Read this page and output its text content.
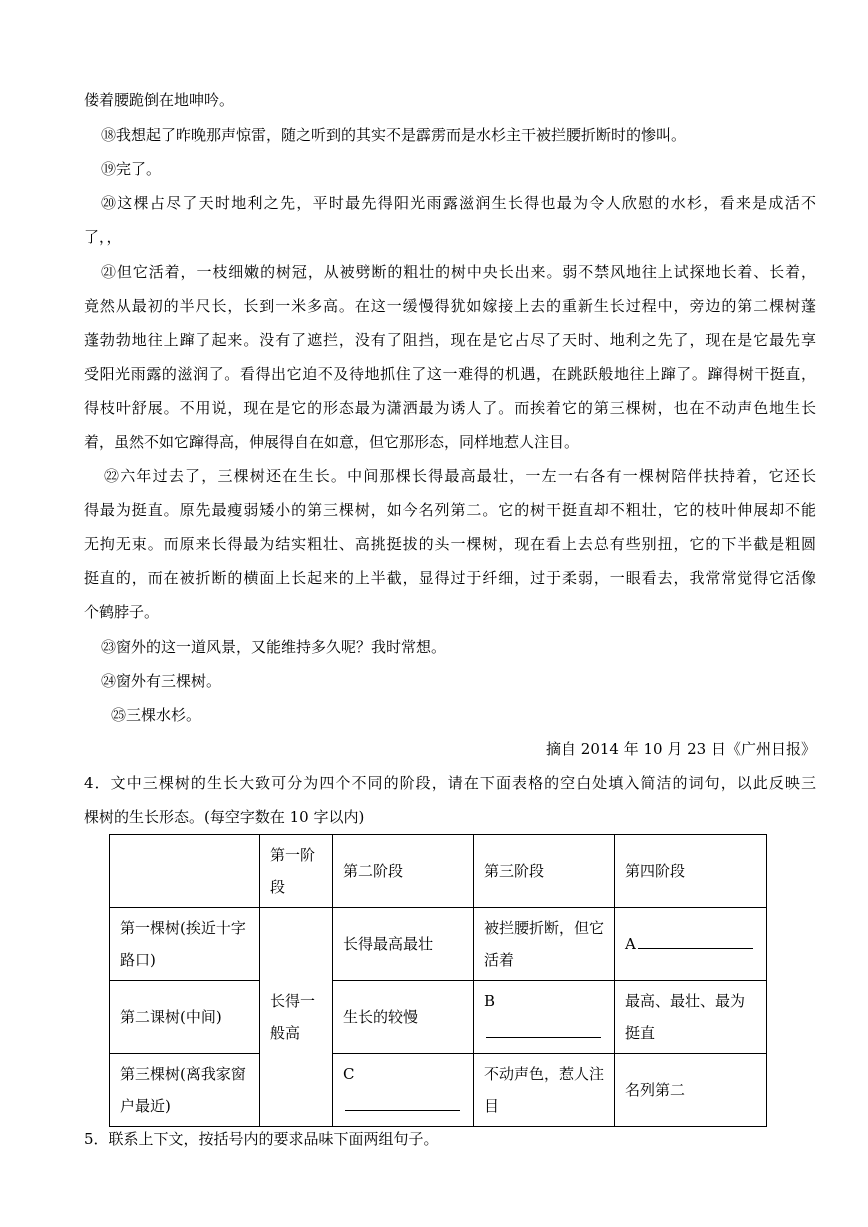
偻着腰跪倒在地呻吟。
⑱我想起了昨晚那声惊雷，随之听到的其实不是霹雳而是水杉主干被拦腰折断时的惨叫。
⑲完了。
⑳这棵占尽了天时地利之先，平时最先得阳光雨露滋润生长得也最为令人欣慰的水杉，看来是成活不
了，，
㉑但它活着，一枝细嫩的树冠，从被劈断的粗壮的树中央长出来。弱不禁风地往上试探地长着、长着，
竟然从最初的半尺长，长到一米多高。在这一缓慢得犹如嫁接上去的重新生长过程中，旁边的第二棵树蓬
蓬勃勃地往上蹿了起来。没有了遮拦，没有了阻挡，现在是它占尽了天时、地利之先了，现在是它最先享
受阳光雨露的滋润了。看得出它迫不及待地抓住了这一难得的机遇，在跳跃般地往上蹿了。蹿得树干挺直，
得枝叶舒展。不用说，现在是它的形态最为潇洒最为诱人了。而挨着它的第三棵树，也在不动声色地生长
着，虽然不如它蹿得高，伸展得自在如意，但它那形态，同样地惹人注目。
㉒六年过去了，三棵树还在生长。中间那棵长得最高最壮，一左一右各有一棵树陪伴扶持着，它还长
得最为挺直。原先最瘦弱矮小的第三棵树，如今名列第二。它的树干挺直却不粗壮，它的枝叶伸展却不能
无拘无束。而原来长得最为结实粗壮、高挑挺拔的头一棵树，现在看上去总有些别扭，它的下半截是粗圆
挺直的，而在被折断的横面上长起来的上半截，显得过于纤细，过于柔弱，一眼看去，我常常觉得它活像
个鹤脖子。
㉓窗外的这一道风景，又能维持多久呢？我时常想。
㉔窗外有三棵树。
㉕三棵水杉。
摘自 2014 年 10 月 23 日《广州日报》
4．文中三棵树的生长大致可分为四个不同的阶段，请在下面表格的空白处填入简洁的词句，以此反映三
棵树的生长形态。(每空字数在 10 字以内)
	第一阶段	第二阶段	第三阶段	第四阶段
第一棵树(挨近十字路口)	长得一般高	长得最高最壮	被拦腰折断，但它活着	A
第二课树(中间)		生长的较慢	B	最高、最壮、最为挺直
第三棵树(离我家窗户最近)		C	不动声色，惹人注目	名列第二
5．联系上下文，按括号内的要求品味下面两组句子。
